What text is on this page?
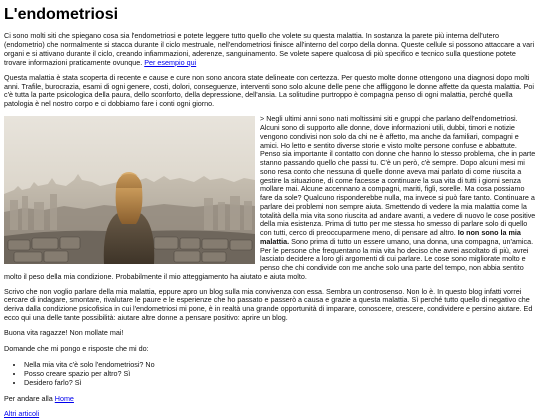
L'endometriosi

Ci sono molti siti che spiegano cosa sia l'endometriosi e potete leggere tutto quello che volete su questa malattia. In sostanza la parete più interna dell'utero (endometrio) che normalmente si stacca durante il ciclo mestruale, nell'endometriosi finisce all'interno del corpo della donna. Queste cellule si possono attaccare a vari organi e si attivano durante il ciclo, creando infiammazioni, aderenze, sanguinamento. Se volete sapere qualcosa di più specifico e tecnico sulla questione potete trovare informazioni praticamente ovunque. Per esempio qui

Questa malattia è stata scoperta di recente e cause e cure non sono ancora state delineate con certezza. Per questo molte donne ottengono una diagnosi dopo molti anni. Trafile, burocrazia, esami di ogni genere, costi, dolori, conseguenze, interventi sono solo alcune delle pene che affliggono le donne affette da questa malattia. Poi c'è tutta la parte psicologica della paura, dello sconforto, della depressione, dell'ansia. La solitudine purtroppo è compagna penso di ogni malattia, perché quella patologia è nel nostro corpo e ci dobbiamo fare i conti ogni giorno.

> Negli ultimi anni sono nati moltissimi siti e gruppi che parlano dell'endometriosi. Alcuni sono di supporto alle donne, dove informazioni utili, dubbi, timori e notizie vengono condivisi non solo da chi ne è affetto, ma anche da familiari, compagni e amici. Ho letto e sentito diverse storie e visto molte persone confuse e abbattute. Penso sia importante il contatto con donne che hanno lo stesso problema, che in parte stanno passando quello che passi tu. C'è un però, c'è sempre. Dopo alcuni mesi mi sono resa conto che nessuna di quelle donne aveva mai parlato di come riuscita a gestire la situazione, di come facesse a continuare la sua vita di tutti i giorni senza mollare mai. Alcune accennano a compagni, mariti, figli, sorelle. Ma cosa possiamo fare da sole? Qualcuno risponderebbe nulla, ma invece si può fare tanto. Continuare a parlare dei problemi non sempre aiuta. Smettendo di vedere la mia malattia come la totalità della mia vita sono riuscita ad andare avanti, a vedere di nuovo le cose positive della mia esistenza. Prima di tutto per me stessa ho smesso di parlare solo di quello con tutti, cerco di preoccuparmene meno, di pensare ad altro. Io non sono la mia malattia. Sono prima di tutto un essere umano, una donna, una compagna, un'amica. Per le persone che frequentano la mia vita ho deciso che avrei ascoltato di più, avrei lasciato decidere a loro gli argomenti di cui parlare. Le cose sono migliorate molto e penso che chi condivide con me anche solo una parte del tempo, non abbia sentito molto il peso della mia condizione. Probabilmente il mio atteggiamento ha aiutato e aiuta molto.

Scrivo che non voglio parlare della mia malattia, eppure apro un blog sulla mia convivenza con essa. Sembra un controsenso. Non lo è. In questo blog infatti vorrei cercare di indagare, smontare, rivalutare le paure e le esperienze che ho passato e passerò a causa e grazie a questa malattia. Sì perché tutto quello di negativo che deriva dalla condizione psicofisica in cui l'endometriosi mi pone, è in realtà una grande opportunità di imparare, conoscere, crescere, condividere e persino aiutare. Ed ecco qui una delle tante possibilità: aiutare altre donne a pensare positivo: aprire un blog.

Buona vita ragazze! Non mollate mai!

Domande che mi pongo e risposte che mi do:

• Nella mia vita c'è solo l'endometriosi? No
• Posso creare spazio per altro? Sì
• Desidero farlo? Sì

Per andare alla Home

Altri articoli
